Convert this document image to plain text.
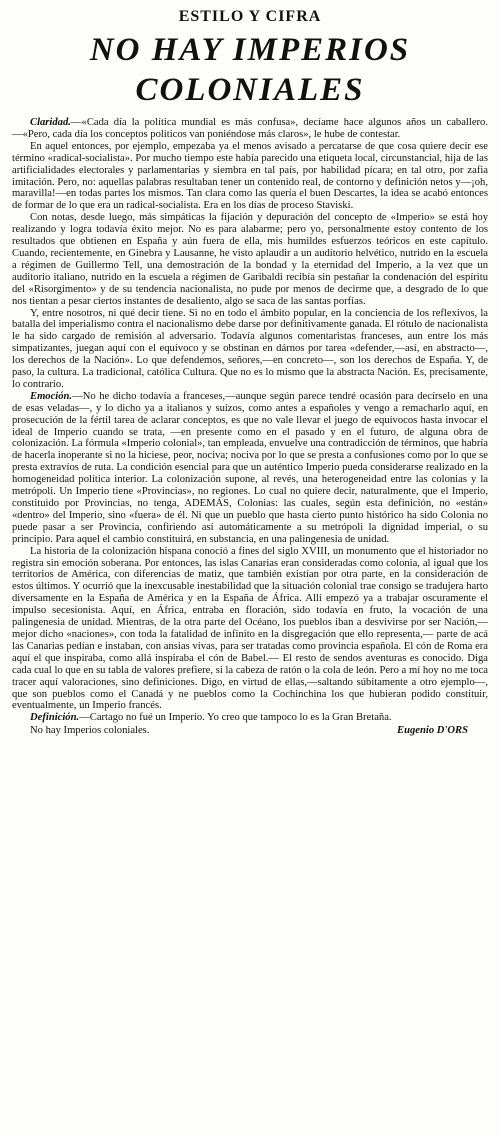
ESTILO Y CIFRA
NO HAY IMPERIOS COLONIALES

Claridad.—«Cada día la política mundial es más confusa», decíame hace algunos años un caballero.—«Pero, cada día los conceptos políticos van poniéndose más claros», le hube de contestar.

En aquel entonces, por ejemplo, empezaba ya el menos avisado a percatarse de que cosa quiere decir ese término «radical-socialista». Por mucho tiempo este había parecido una etiqueta local, circunstancial, hija de las artificialidades electorales y parlamentarias y siembra en tal país, por habilidad pícara; en tal otro, por zafia imitación. Pero, no: aquellas palabras resultaban tener un contenido real, de contorno y definición netos y—¡oh, maravilla!—en todas partes los mismos. Tan clara como las quería el buen Descartes, la idea se acabó entonces de formar de lo que era un radical-socialista. Era en los días de proceso Staviski.

Con notas, desde luego, más simpáticas la fijación y depuración del concepto de «Imperio» se está hoy realizando y logra todavía éxito mejor. No es para alabarme; pero yo, personalmente estoy contento de los resultados que obtienen en España y aún fuera de ella, mis humildes esfuerzos teóricos en este capítulo. Cuando, recientemente, en Ginebra y Lausanne, he visto aplaudir a un auditorio helvético, nutrido en la escuela a régimen de Guillermo Tell, una demostración de la bondad y la eternidad del Imperio, a la vez que un auditorio italiano, nutrido en la escuela a régimen de Garibaldi recibía sin pestañar la condenación del espíritu del «Risorgimento» y de su tendencia nacionalista, no pude por menos de decirme que, a desgrado de lo que nos tientan a pesar ciertos instantes de desaliento, algo se saca de las santas porfías.

Y, entre nosotros, ni qué decir tiene. Si no en todo el ámbito popular, en la conciencia de los reflexivos, la batalla del imperialismo contra el nacionalismo debe darse por definitivamente ganada. El rótulo de nacionalista le ha sido cargado de remisión al adversario. Todavía algunos comentaristas franceses, aun entre los más simpatizantes, juegan aquí con el equívoco y se obstinan en dárnos por tarea «defender,—así, en abstracto—, los derechos de la Nación». Lo que defendemos, señores,—en concreto—, son los derechos de España. Y, de paso, la cultura. La tradicional, católica Cultura. Que no es lo mismo que la abstracta Nación. Es, precisamente, lo contrario.

Emoción.—No he dicho todavía a franceses,—aunque según parece tendré ocasión para decírselo en una de esas veladas—, y lo dicho ya a italianos y suizos, como antes a españoles y vengo a remacharlo aquí, en prosecución de la fértil tarea de aclarar conceptos, es que no vale llevar el juego de equívocos hasta invocar el ideal de Imperio cuando se trata, —en presente como en el pasado y en el futuro, de alguna obra de colonización. La fórmula «Imperio colonial», tan empleada, envuelve una contradicción de términos, que habría de hacerla inoperante si no la hiciese, peor, nociva; nociva por lo que se presta a confusiones como por lo que se presta extravíos de ruta. La condición esencial para que un auténtico Imperio pueda considerarse realizado en la homogeneidad política interior. La colonización supone, al revés, una heterogeneidad entre las colonias y la metrópoli. Un Imperio tiene «Provincias», no regiones. Lo cual no quiere decir, naturalmente, que el Imperio, constituido por Provincias, no tenga, ADEMÁS, Colonias: las cuales, según esta definición, no «están» «dentro» del Imperio, sino «fuera» de él. Ni que un pueblo que hasta cierto punto histórico ha sido Colonia no puede pasar a ser Provincia, confiriendo así automáticamente a su metrópoli la dignidad imperial, o su principio. Para aquel el cambio constituirá, en substancia, en una palingenesia de unidad.

La historia de la colonización hispana conoció a fines del siglo XVIII, un monumento que el historiador no registra sin emoción soberana. Por entonces, las islas Canarias eran consideradas como colonia, al igual que los territorios de América, con diferencias de matiz, que también existían por otra parte, en la consideración de estos últimos. Y ocurrió que la inexcusable inestabilidad que la situación colonial trae consigo se tradujera harto diversamente en la España de América y en la España de África. Allí empezó ya a trabajar oscuramente el impulso secesionista. Aquí, en África, entraba en floración, sido todavía en fruto, la vocación de una palingenesia de unidad. Mientras, de la otra parte del Océano, los pueblos iban a desvivirse por ser Nación,—mejor dicho «naciones», con toda la fatalidad de infinito en la disgregación que ello representa,— parte de acá las Canarias pedían e instaban, con ansias vivas, para ser tratadas como provincia española. El cón de Roma era aquí el que inspiraba, como allá inspiraba el cón de Babel.— El resto de sendos aventuras es conocido. Diga cada cual lo que en su tabla de valores prefiere, si la cabeza de ratón o la cola de león. Pero a mí hoy no me toca tracer aquí valoraciones, sino definiciones. Digo, en virtud de ellas,—saltando súbitamente a otro ejemplo—, que son pueblos como el Canadá y ne pueblos como la Cochinchina los que hubieran podido constituir, eventualmente, un Imperio francés.

Definición.—Cartago no fué un Imperio. Yo creo que tampoco lo es la Gran Bretaña.

No hay Imperios coloniales.	Eugenio D'ORS
